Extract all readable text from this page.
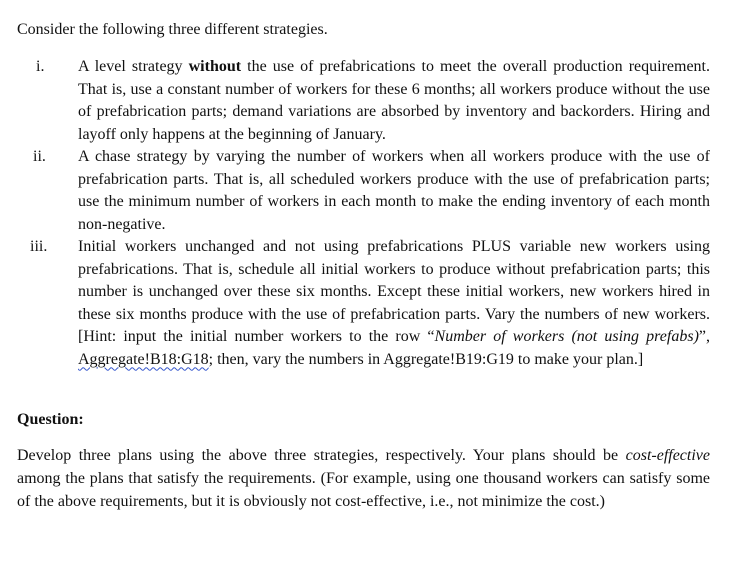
Consider the following three different strategies.
i. A level strategy without the use of prefabrications to meet the overall production requirement. That is, use a constant number of workers for these 6 months; all workers produce without the use of prefabrication parts; demand variations are absorbed by inventory and backorders. Hiring and layoff only happens at the beginning of January.
ii. A chase strategy by varying the number of workers when all workers produce with the use of prefabrication parts. That is, all scheduled workers produce with the use of prefabrication parts; use the minimum number of workers in each month to make the ending inventory of each month non-negative.
iii. Initial workers unchanged and not using prefabrications PLUS variable new workers using prefabrications. That is, schedule all initial workers to produce without prefabrication parts; this number is unchanged over these six months. Except these initial workers, new workers hired in these six months produce with the use of prefabrication parts. Vary the numbers of new workers. [Hint: input the initial number workers to the row “Number of workers (not using prefabs)”, Aggregate!B18:G18; then, vary the numbers in Aggregate!B19:G19 to make your plan.]
Question:
Develop three plans using the above three strategies, respectively. Your plans should be cost-effective among the plans that satisfy the requirements. (For example, using one thousand workers can satisfy some of the above requirements, but it is obviously not cost-effective, i.e., not minimize the cost.)
